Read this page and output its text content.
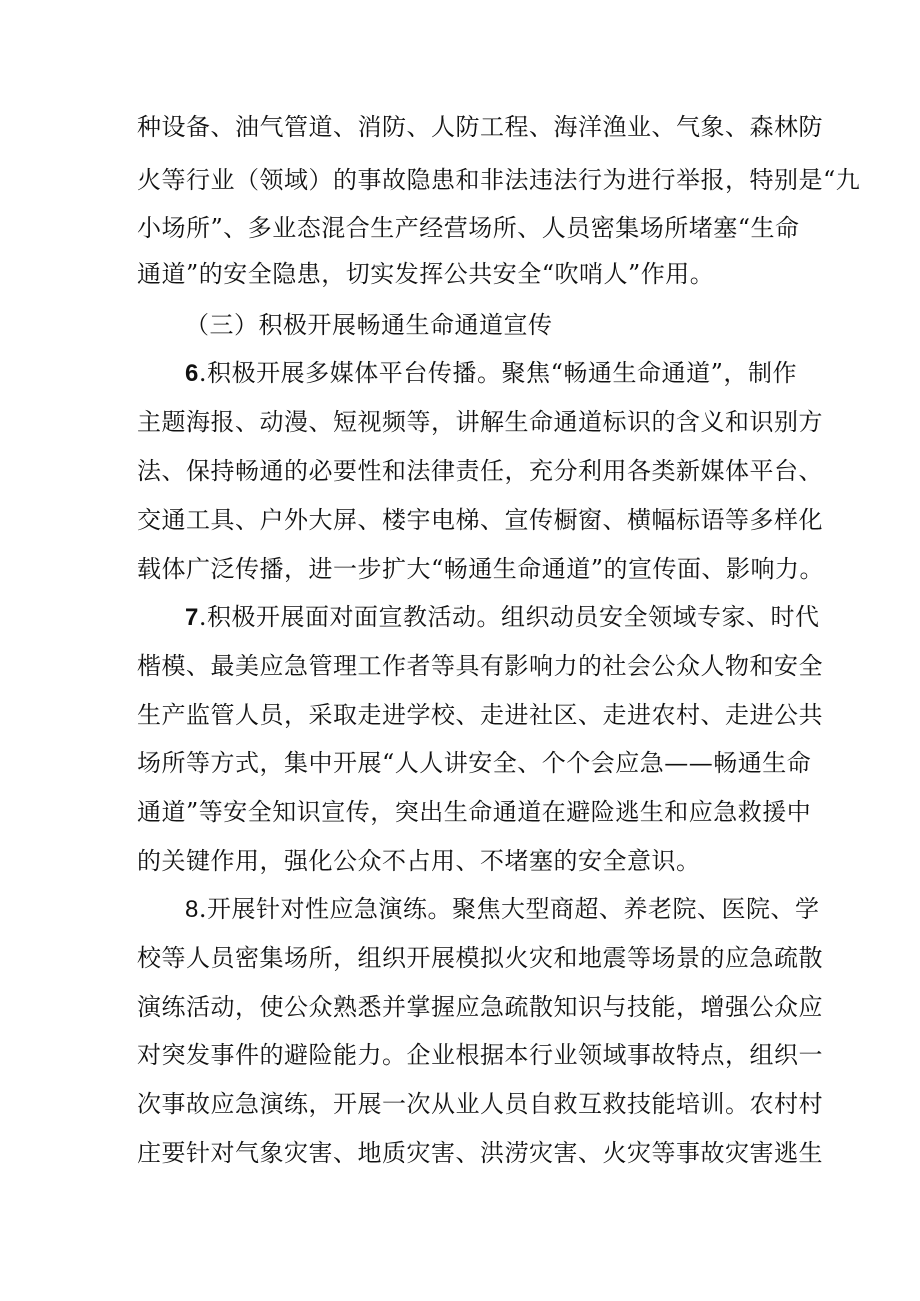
种设备、油气管道、消防、人防工程、海洋渔业、气象、森林防
火等行业（领域）的事故隐患和非法违法行为进行举报，特别是“九
小场所”、多业态混合生产经营场所、人员密集场所堵塞“生命
通道”的安全隐患，切实发挥公共安全“吹哨人”作用。
（三）积极开展畅通生命通道宣传
6.积极开展多媒体平台传播。聚焦“畅通生命通道”，制作
主题海报、动漫、短视频等，讲解生命通道标识的含义和识别方
法、保持畅通的必要性和法律责任，充分利用各类新媒体平台、
交通工具、户外大屏、楼宇电梯、宣传橱窗、横幅标语等多样化
载体广泛传播，进一步扩大“畅通生命通道”的宣传面、影响力。
7.积极开展面对面宣教活动。组织动员安全领域专家、时代
楷模、最美应急管理工作者等具有影响力的社会公众人物和安全
生产监管人员，采取走进学校、走进社区、走进农村、走进公共
场所等方式，集中开展“人人讲安全、个个会应急——畅通生命
通道”等安全知识宣传，突出生命通道在避险逃生和应急救援中
的关键作用，强化公众不占用、不堵塞的安全意识。
8.开展针对性应急演练。聚焦大型商超、养老院、医院、学
校等人员密集场所，组织开展模拟火灾和地震等场景的应急疏散
演练活动，使公众熟悉并掌握应急疏散知识与技能，增强公众应
对突发事件的避险能力。企业根据本行业领域事故特点，组织一
次事故应急演练，开展一次从业人员自救互救技能培训。农村村
庄要针对气象灾害、地质灾害、洪涝灾害、火灾等事故灾害逃生
